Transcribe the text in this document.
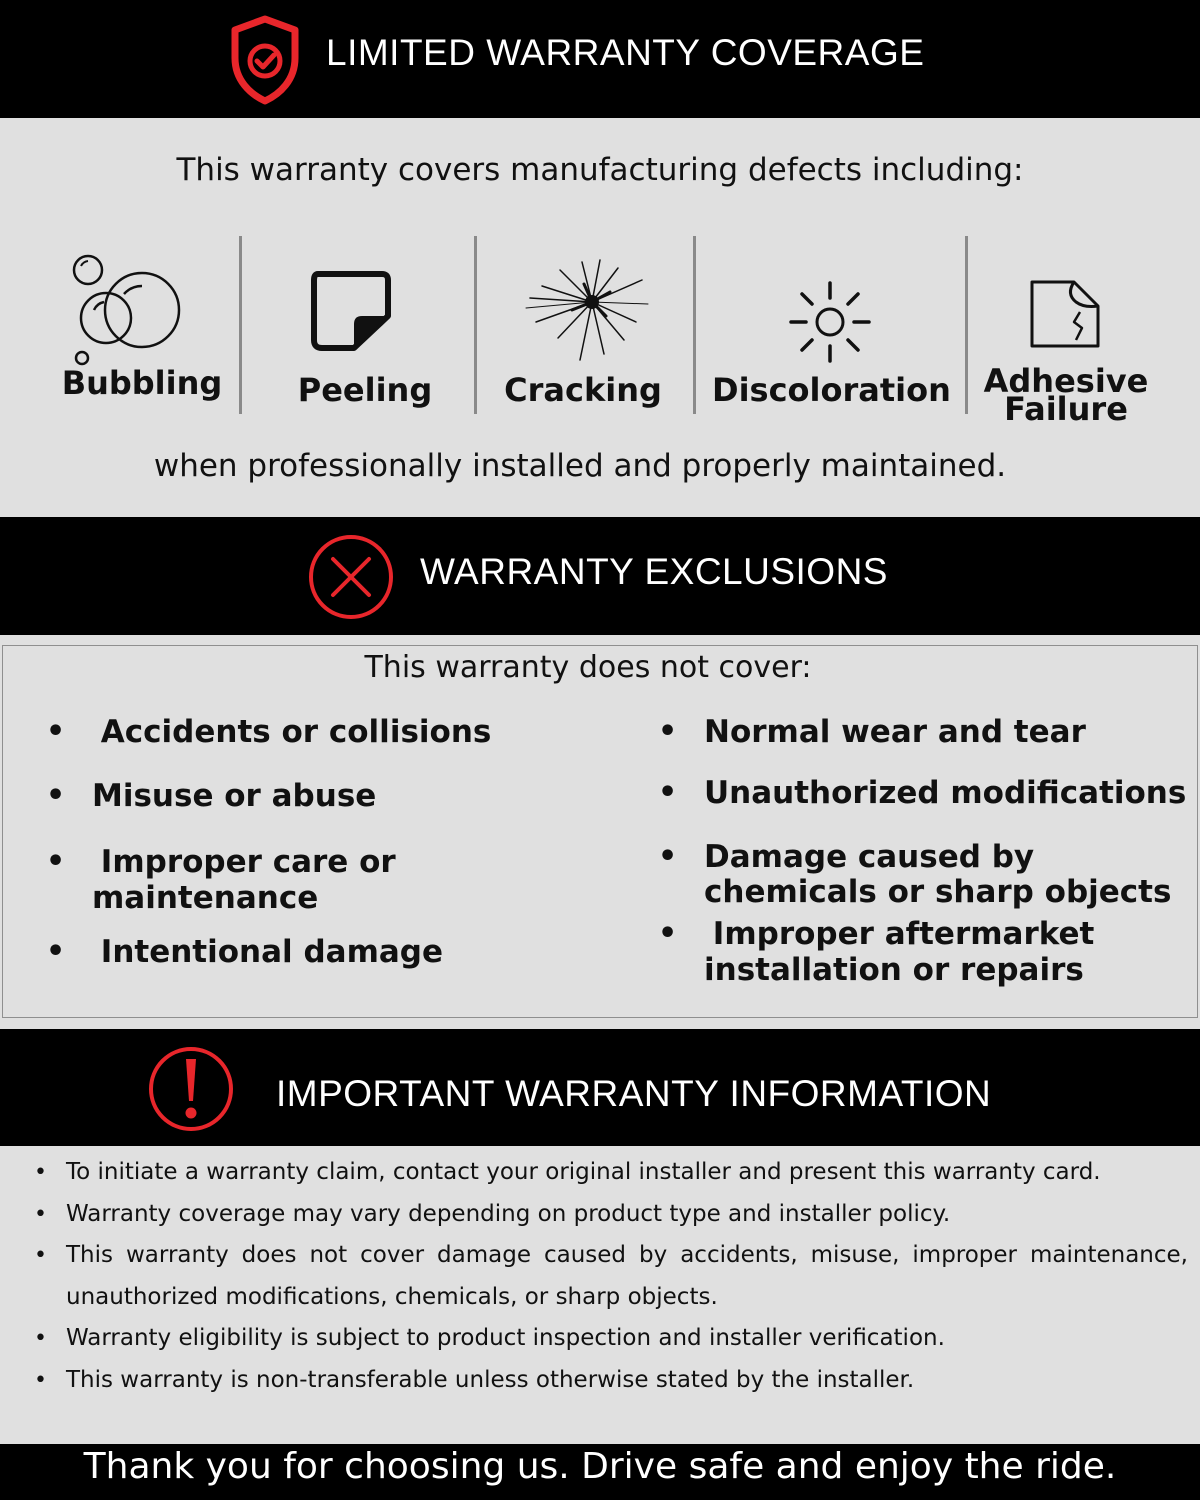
LIMITED WARRANTY COVERAGE
This warranty covers manufacturing defects including:
Bubbling	Peeling	Cracking	Discoloration Adhesive
Failure
when professionally installed and properly maintained.
WARRANTY EXCLUSIONS
This warranty does not cover:
• Accidents or collisions
• Misuse or abuse
• Improper care or
maintenance
• Intentional damage
• Normal wear and tear
• Unauthorized modifications
• Damage caused by
chemicals or sharp objects
• Improper aftermarket
installation or repairs
IMPORTANT WARRANTY INFORMATION
• To initiate a warranty claim, contact your original installer and present this warranty card.
• Warranty coverage may vary depending on product type and installer policy.
• This warranty does not cover damage caused by accidents, misuse, improper maintenance, unauthorized modifications, chemicals, or sharp objects.
• Warranty eligibility is subject to product inspection and installer verification.
• This warranty is non-transferable unless otherwise stated by the installer.
Thank you for choosing us. Drive safe and enjoy the ride.
